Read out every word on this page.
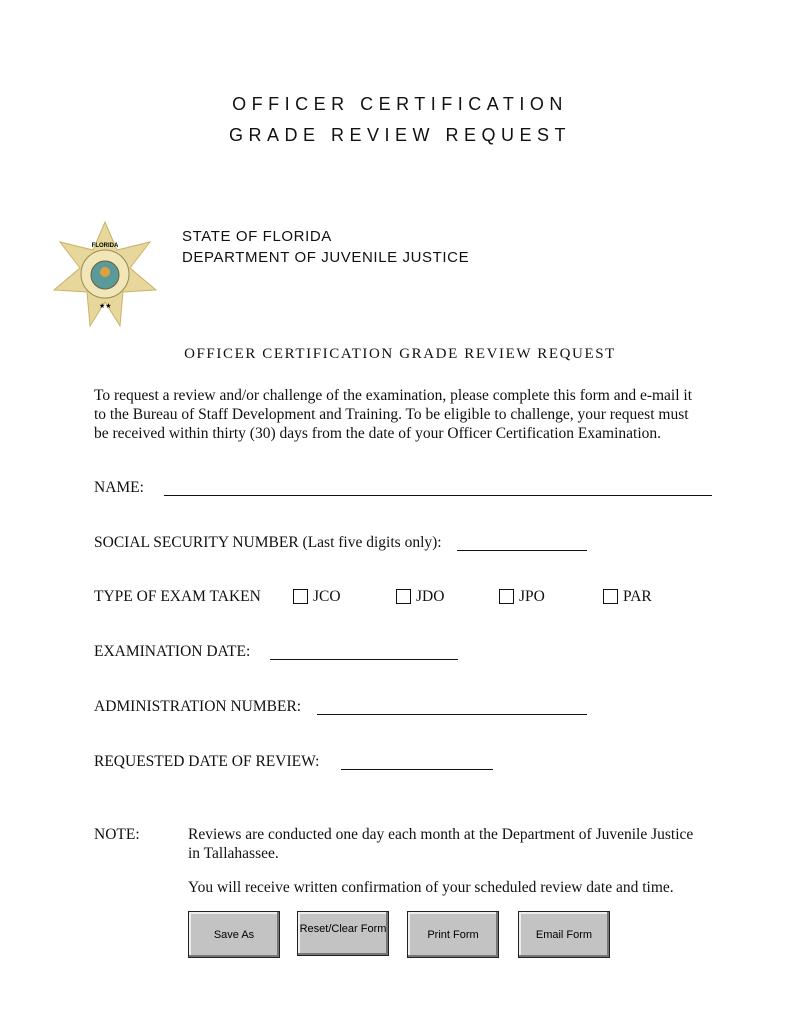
OFFICER CERTIFICATION
GRADE REVIEW REQUEST
FLORIDA
★★
STATE OF FLORIDA
DEPARTMENT OF JUVENILE JUSTICE
OFFICER CERTIFICATION GRADE REVIEW REQUEST
To request a review and/or challenge of the examination, please complete this form and e-mail it
to the Bureau of Staff Development and Training. To be eligible to challenge, your request must
be received within thirty (30) days from the date of your Officer Certification Examination.
NAME:
SOCIAL SECURITY NUMBER (Last five digits only):
TYPE OF EXAM TAKEN	JCO	JDO	JPO	PAR
EXAMINATION DATE:
ADMINISTRATION NUMBER:
REQUESTED DATE OF REVIEW:
NOTE:	Reviews are conducted one day each month at the Department of Juvenile Justice
in Tallahassee.
You will receive written confirmation of your scheduled review date and time.
Save As	Reset/Clear Form	Print Form	Email Form
